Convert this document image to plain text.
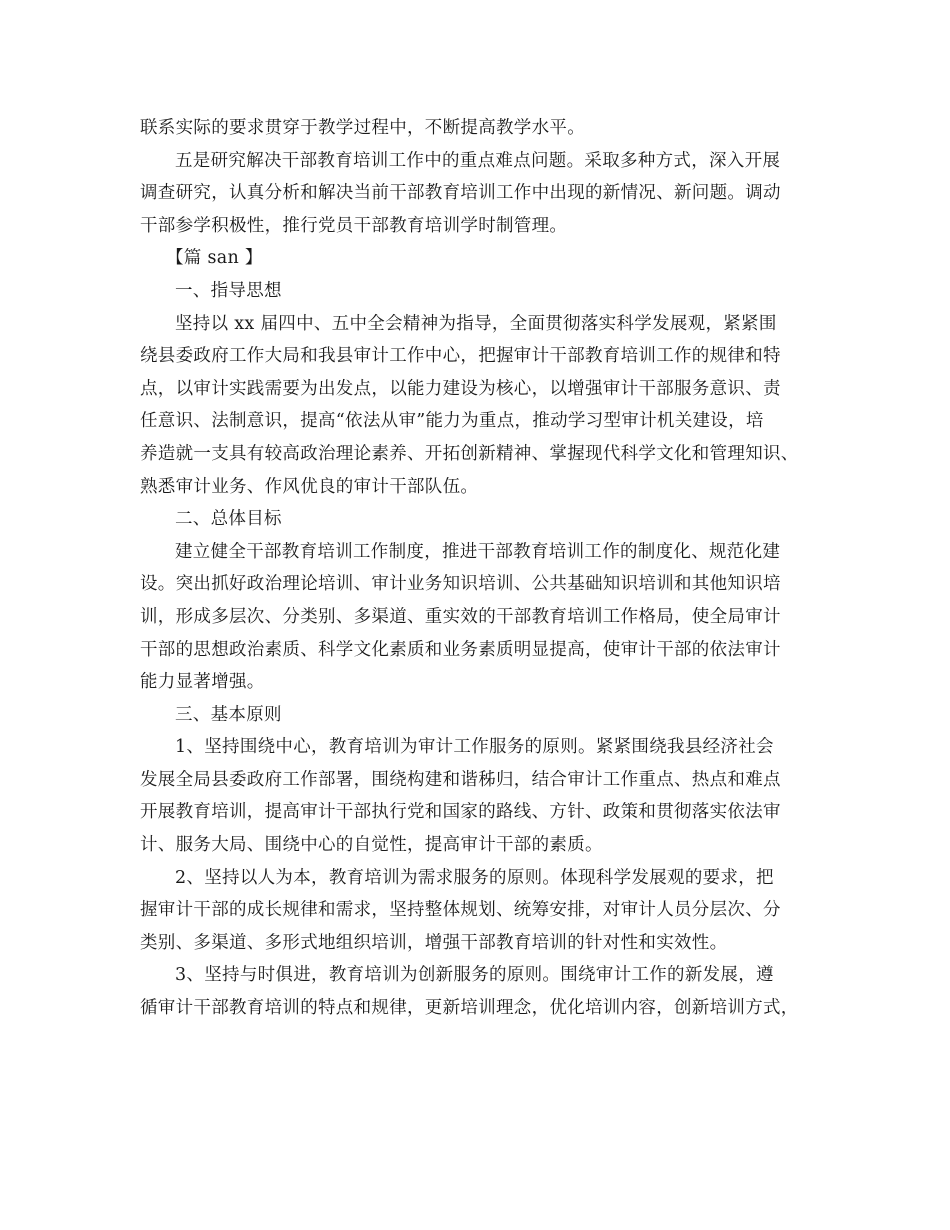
联系实际的要求贯穿于教学过程中，不断提高教学水平。
五是研究解决干部教育培训工作中的重点难点问题。采取多种方式，深入开展
调查研究，认真分析和解决当前干部教育培训工作中出现的新情况、新问题。调动
干部参学积极性，推行党员干部教育培训学时制管理。
【篇 san 】
一、指导思想
坚持以 xx 届四中、五中全会精神为指导，全面贯彻落实科学发展观，紧紧围
绕县委政府工作大局和我县审计工作中心，把握审计干部教育培训工作的规律和特
点，以审计实践需要为出发点，以能力建设为核心，以增强审计干部服务意识、责
任意识、法制意识，提高“依法从审”能力为重点，推动学习型审计机关建设，培
养造就一支具有较高政治理论素养、开拓创新精神、掌握现代科学文化和管理知识、
熟悉审计业务、作风优良的审计干部队伍。
二、总体目标
建立健全干部教育培训工作制度，推进干部教育培训工作的制度化、规范化建
设。突出抓好政治理论培训、审计业务知识培训、公共基础知识培训和其他知识培
训，形成多层次、分类别、多渠道、重实效的干部教育培训工作格局，使全局审计
干部的思想政治素质、科学文化素质和业务素质明显提高，使审计干部的依法审计
能力显著增强。
三、基本原则
1、坚持围绕中心，教育培训为审计工作服务的原则。紧紧围绕我县经济社会
发展全局县委政府工作部署，围绕构建和谐秭归，结合审计工作重点、热点和难点
开展教育培训，提高审计干部执行党和国家的路线、方针、政策和贯彻落实依法审
计、服务大局、围绕中心的自觉性，提高审计干部的素质。
2、坚持以人为本，教育培训为需求服务的原则。体现科学发展观的要求，把
握审计干部的成长规律和需求，坚持整体规划、统筹安排，对审计人员分层次、分
类别、多渠道、多形式地组织培训，增强干部教育培训的针对性和实效性。
3、坚持与时俱进，教育培训为创新服务的原则。围绕审计工作的新发展，遵
循审计干部教育培训的特点和规律，更新培训理念，优化培训内容，创新培训方式，
